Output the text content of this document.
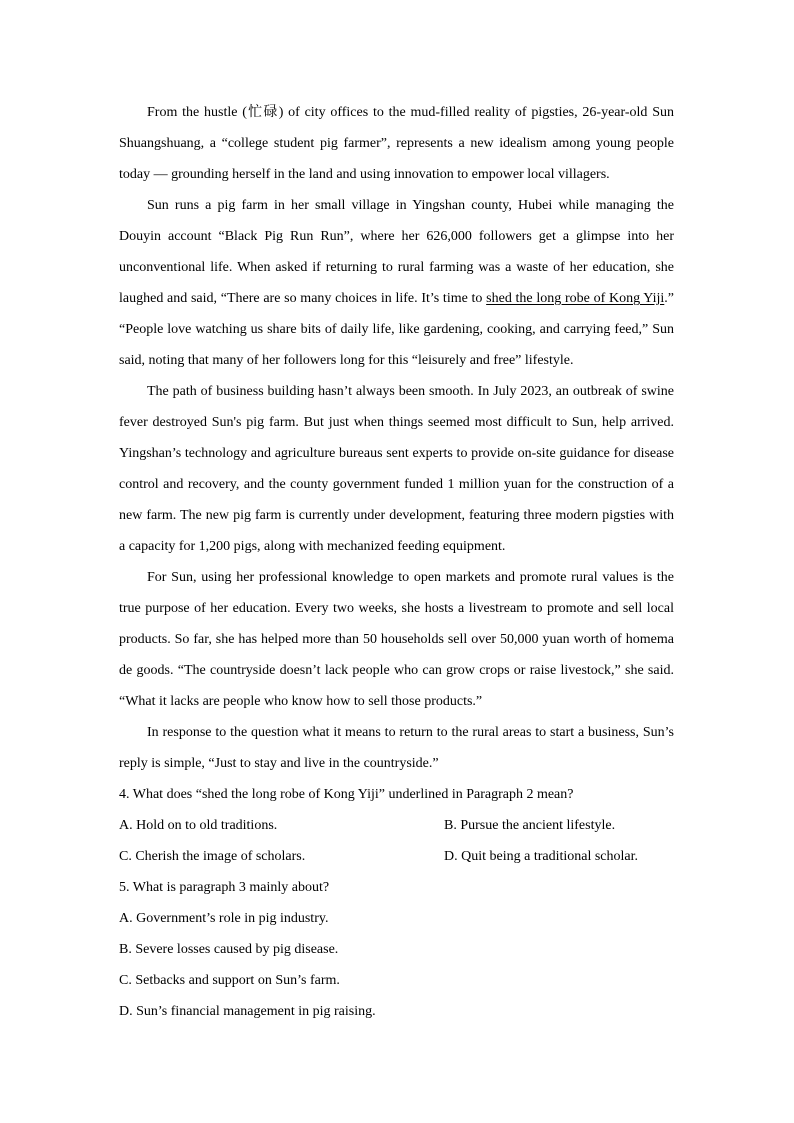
From the hustle (忙碌) of city offices to the mud-filled reality of pigsties, 26-year-old Sun Shuangshuang, a “college student pig farmer”, represents a new idealism among young people today — grounding herself in the land and using innovation to empower local villagers.

Sun runs a pig farm in her small village in Yingshan county, Hubei while managing the Douyin account “Black Pig Run Run”, where her 626,000 followers get a glimpse into her unconventional life. When asked if returning to rural farming was a waste of her education, she laughed and said, “There are so many choices in life. It’s time to shed the long robe of Kong Yiji.” “People love watching us share bits of daily life, like gardening, cooking, and carrying feed,” Sun said, noting that many of her followers long for this “leisurely and free” lifestyle.

The path of business building hasn’t always been smooth. In July 2023, an outbreak of swine fever destroyed Sun's pig farm. But just when things seemed most difficult to Sun, help arrived. Yingshan’s technology and agriculture bureaus sent experts to provide on-site guidance for disease control and recovery, and the county government funded 1 million yuan for the construction of a new farm. The new pig farm is currently under development, featuring three modern pigsties with a capacity for 1,200 pigs, along with mechanized feeding equipment.

For Sun, using her professional knowledge to open markets and promote rural values is the true purpose of her education. Every two weeks, she hosts a livestream to promote and sell local products. So far, she has helped more than 50 households sell over 50,000 yuan worth of homema de goods. “The countryside doesn’t lack people who can grow crops or raise livestock,” she said. “What it lacks are people who know how to sell those products.”

In response to the question what it means to return to the rural areas to start a business, Sun’s reply is simple, “Just to stay and live in the countryside.”

4. What does “shed the long robe of Kong Yiji” underlined in Paragraph 2 mean?

A. Hold on to old traditions.	B. Pursue the ancient lifestyle.

C. Cherish the image of scholars.	D. Quit being a traditional scholar.

5. What is paragraph 3 mainly about?

A. Government’s role in pig industry.

B. Severe losses caused by pig disease.

C. Setbacks and support on Sun’s farm.

D. Sun’s financial management in pig raising.
